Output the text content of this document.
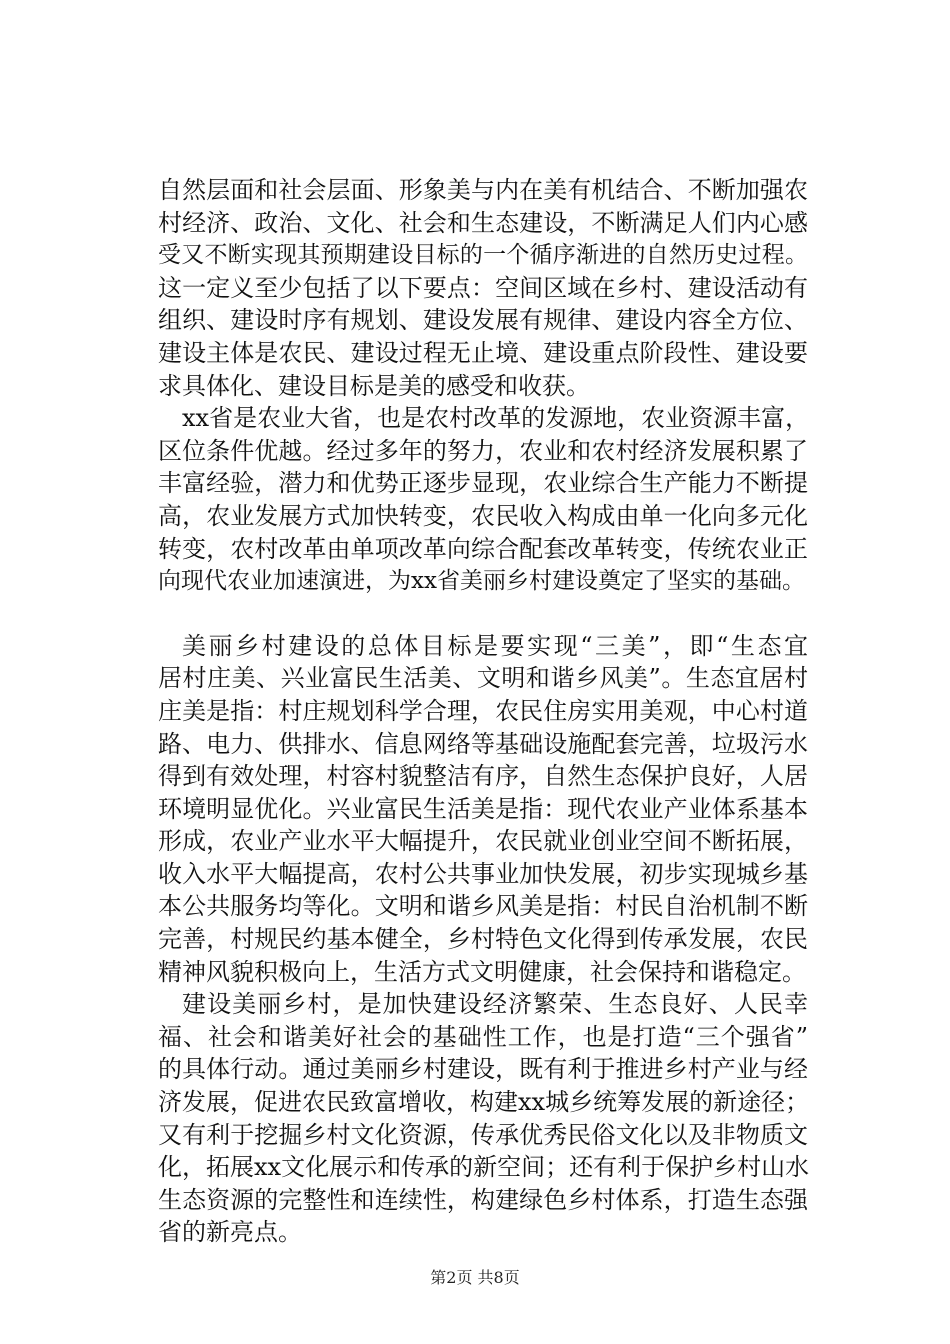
自然层面和社会层面、形象美与内在美有机结合、不断加强农
村经济、政治、文化、社会和生态建设，不断满足人们内心感
受又不断实现其预期建设目标的一个循序渐进的自然历史过程。
这一定义至少包括了以下要点：空间区域在乡村、建设活动有
组织、建设时序有规划、建设发展有规律、建设内容全方位、
建设主体是农民、建设过程无止境、建设重点阶段性、建设要
求具体化、建设目标是美的感受和收获。
xx省是农业大省，也是农村改革的发源地，农业资源丰富，
区位条件优越。经过多年的努力，农业和农村经济发展积累了
丰富经验，潜力和优势正逐步显现，农业综合生产能力不断提
高，农业发展方式加快转变，农民收入构成由单一化向多元化
转变，农村改革由单项改革向综合配套改革转变，传统农业正
向现代农业加速演进，为xx省美丽乡村建设奠定了坚实的基础。
美丽乡村建设的总体目标是要实现“三美”，即“生态宜
居村庄美、兴业富民生活美、文明和谐乡风美”。生态宜居村
庄美是指：村庄规划科学合理，农民住房实用美观，中心村道
路、电力、供排水、信息网络等基础设施配套完善，垃圾污水
得到有效处理，村容村貌整洁有序，自然生态保护良好，人居
环境明显优化。兴业富民生活美是指：现代农业产业体系基本
形成，农业产业水平大幅提升，农民就业创业空间不断拓展，
收入水平大幅提高，农村公共事业加快发展，初步实现城乡基
本公共服务均等化。文明和谐乡风美是指：村民自治机制不断
完善，村规民约基本健全，乡村特色文化得到传承发展，农民
精神风貌积极向上，生活方式文明健康，社会保持和谐稳定。
建设美丽乡村，是加快建设经济繁荣、生态良好、人民幸
福、社会和谐美好社会的基础性工作，也是打造“三个强省”
的具体行动。通过美丽乡村建设，既有利于推进乡村产业与经
济发展，促进农民致富增收，构建xx城乡统筹发展的新途径；
又有利于挖掘乡村文化资源，传承优秀民俗文化以及非物质文
化，拓展xx文化展示和传承的新空间；还有利于保护乡村山水
生态资源的完整性和连续性，构建绿色乡村体系，打造生态强
省的新亮点。
第2页 共8页
